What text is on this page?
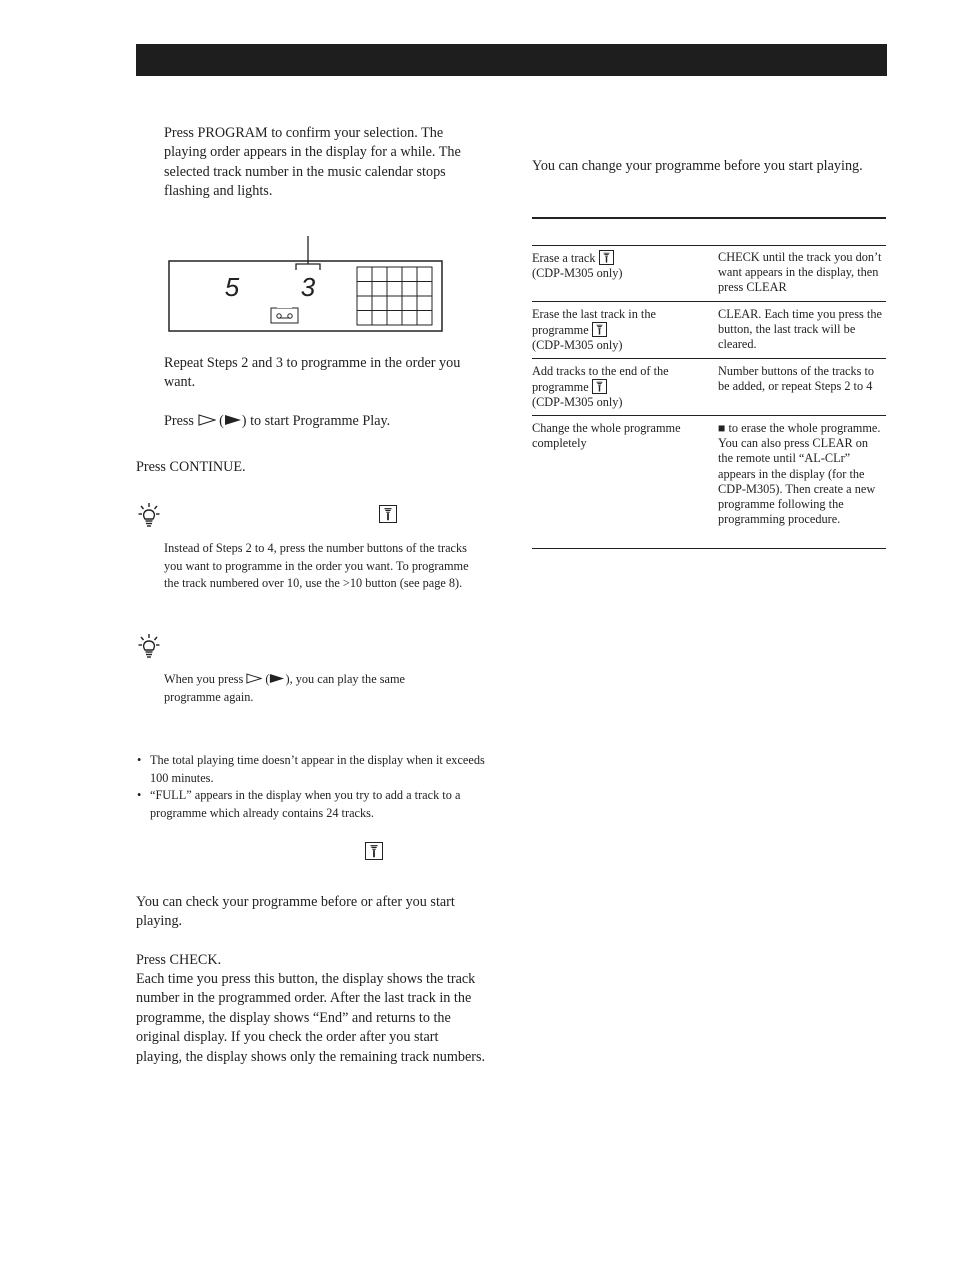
Press PROGRAM to confirm your selection. The playing order appears in the display for a while. The selected track number in the music calendar stops flashing and lights.
5 3
Repeat Steps 2 and 3 to programme in the order you want.
Press  ( ) to start Programme Play.
Press CONTINUE.

Instead of Steps 2 to 4, press the number buttons of the tracks you want to programme in the order you want. To programme the track numbered over 10, use the >10 button (see page 8).
When you press  ( ), you can play the same programme again.
• The total playing time doesn’t appear in the display when it exceeds 100 minutes.
• “FULL” appears in the display when you try to add a track to a programme which already contains 24 tracks.
You can check your programme before or after you start playing.
Press CHECK.
Each time you press this button, the display shows the track number in the programmed order. After the last track in the programme, the display shows “End” and returns to the original display. If you check the order after you start playing, the display shows only the remaining track numbers.
You can change your programme before you start playing.
Erase a track
(CDP-M305 only)
CHECK until the track you don’t want appears in the display, then press CLEAR
Erase the last track in the
programme
(CDP-M305 only)
CLEAR. Each time you press the button, the last track will be cleared.
Add tracks to the end of the
programme
(CDP-M305 only)
Number buttons of the tracks to be added, or repeat Steps 2 to 4
Change the whole programme completely
■ to erase the whole programme. You can also press CLEAR on the remote until “AL-CLr” appears in the display (for the CDP-M305). Then create a new programme following the programming procedure.
